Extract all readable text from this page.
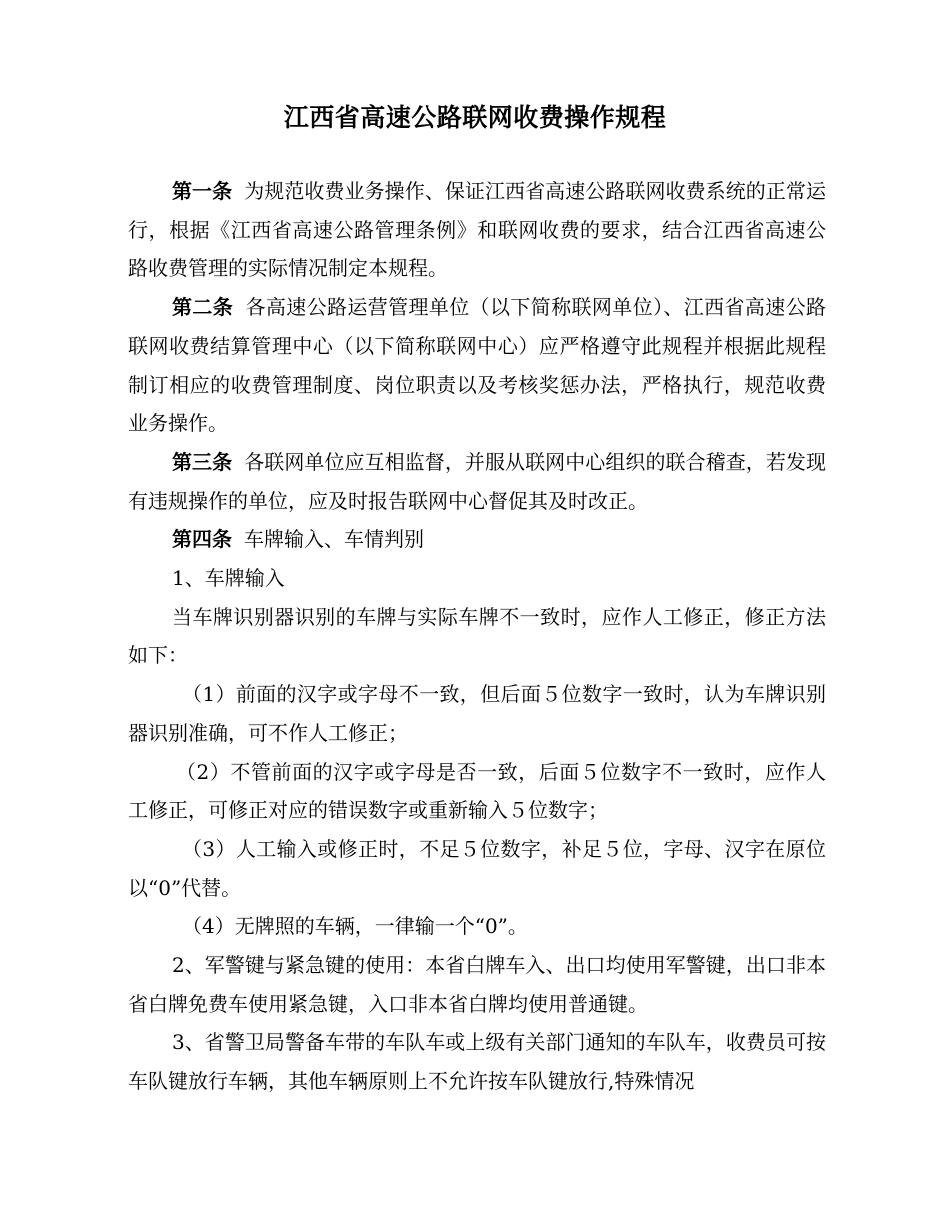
江西省高速公路联网收费操作规程

第一条 为规范收费业务操作、保证江西省高速公路联网收费系统的正常运行，根据《江西省高速公路管理条例》和联网收费的要求，结合江西省高速公路收费管理的实际情况制定本规程。

第二条 各高速公路运营管理单位（以下简称联网单位）、江西省高速公路联网收费结算管理中心（以下简称联网中心）应严格遵守此规程并根据此规程制订相应的收费管理制度、岗位职责以及考核奖惩办法，严格执行，规范收费业务操作。

第三条 各联网单位应互相监督，并服从联网中心组织的联合稽查，若发现有违规操作的单位，应及时报告联网中心督促其及时改正。

第四条 车牌输入、车情判别

1、车牌输入

当车牌识别器识别的车牌与实际车牌不一致时，应作人工修正，修正方法如下：

（1）前面的汉字或字母不一致，但后面５位数字一致时，认为车牌识别器识别准确，可不作人工修正；

（2）不管前面的汉字或字母是否一致，后面５位数字不一致时，应作人工修正，可修正对应的错误数字或重新输入５位数字；

（3）人工输入或修正时，不足５位数字，补足５位，字母、汉字在原位以“0”代替。

（4）无牌照的车辆，一律输一个“0”。

2、军警键与紧急键的使用：本省白牌车入、出口均使用军警键，出口非本省白牌免费车使用紧急键，入口非本省白牌均使用普通键。

3、省警卫局警备车带的车队车或上级有关部门通知的车队车，收费员可按车队键放行车辆，其他车辆原则上不允许按车队键放行,特殊情况
